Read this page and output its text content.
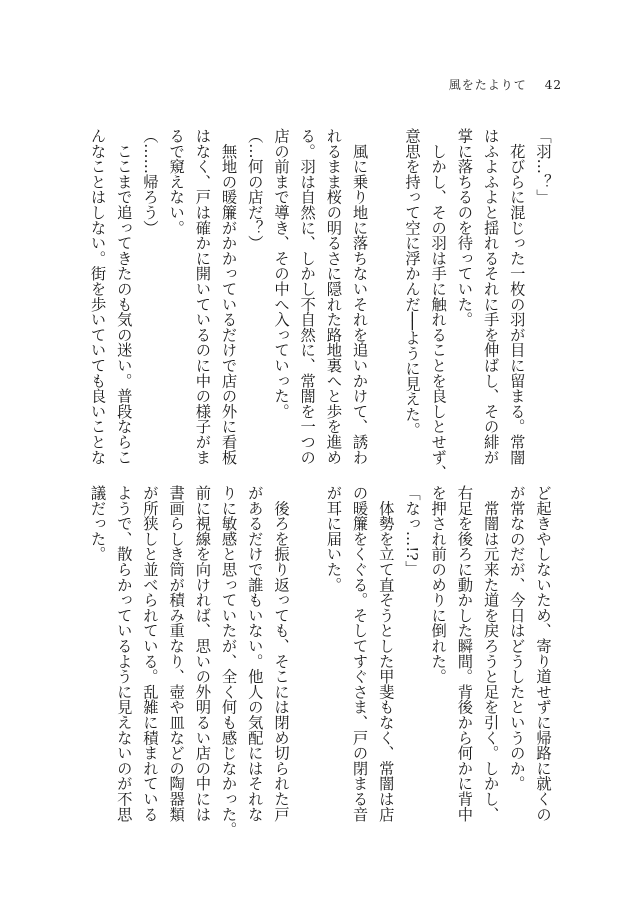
風をたよりて 42
「羽…？」
　花びらに混じった一枚の羽が目に留まる。常闇
はふよふよと揺れるそれに手を伸ばし、その緋が
掌に落ちるのを待っていた。
　しかし、その羽は手に触れることを良しとせず、
意思を持って空に浮かんだ──ように見えた。

　風に乗り地に落ちないそれを追いかけて、誘わ
れるまま桜の明るさに隠れた路地裏へと歩を進め
る。羽は自然に、しかし不自然に、常闇を一つの
店の前まで導き、その中へ入っていった。
（…何の店だ？）
　無地の暖簾がかかっているだけで店の外に看板
はなく、戸は確かに開いているのに中の様子がま
るで窺えない。
（……帰ろう）
　ここまで追ってきたのも気の迷い。普段ならこ
んなことはしない。街を歩いていても良いことな
ど起きやしないため、寄り道せずに帰路に就くの
が常なのだが、今日はどうしたというのか。
　常闇は元来た道を戻ろうと足を引く。しかし、
右足を後ろに動かした瞬間。背後から何かに背中
を押され前のめりに倒れた。
「なっ…!?」
　体勢を立て直そうとした甲斐もなく、常闇は店
の暖簾をくぐる。そしてすぐさま、戸の閉まる音
が耳に届いた。

　後ろを振り返っても、そこには閉め切られた戸
があるだけで誰もいない。他人の気配にはそれな
りに敏感と思っていたが、全く何も感じなかった。
前に視線を向ければ、思いの外明るい店の中には
書画らしき筒が積み重なり、壺や皿などの陶器類
が所狭しと並べられている。乱雑に積まれている
ようで、散らかっているように見えないのが不思
議だった。
